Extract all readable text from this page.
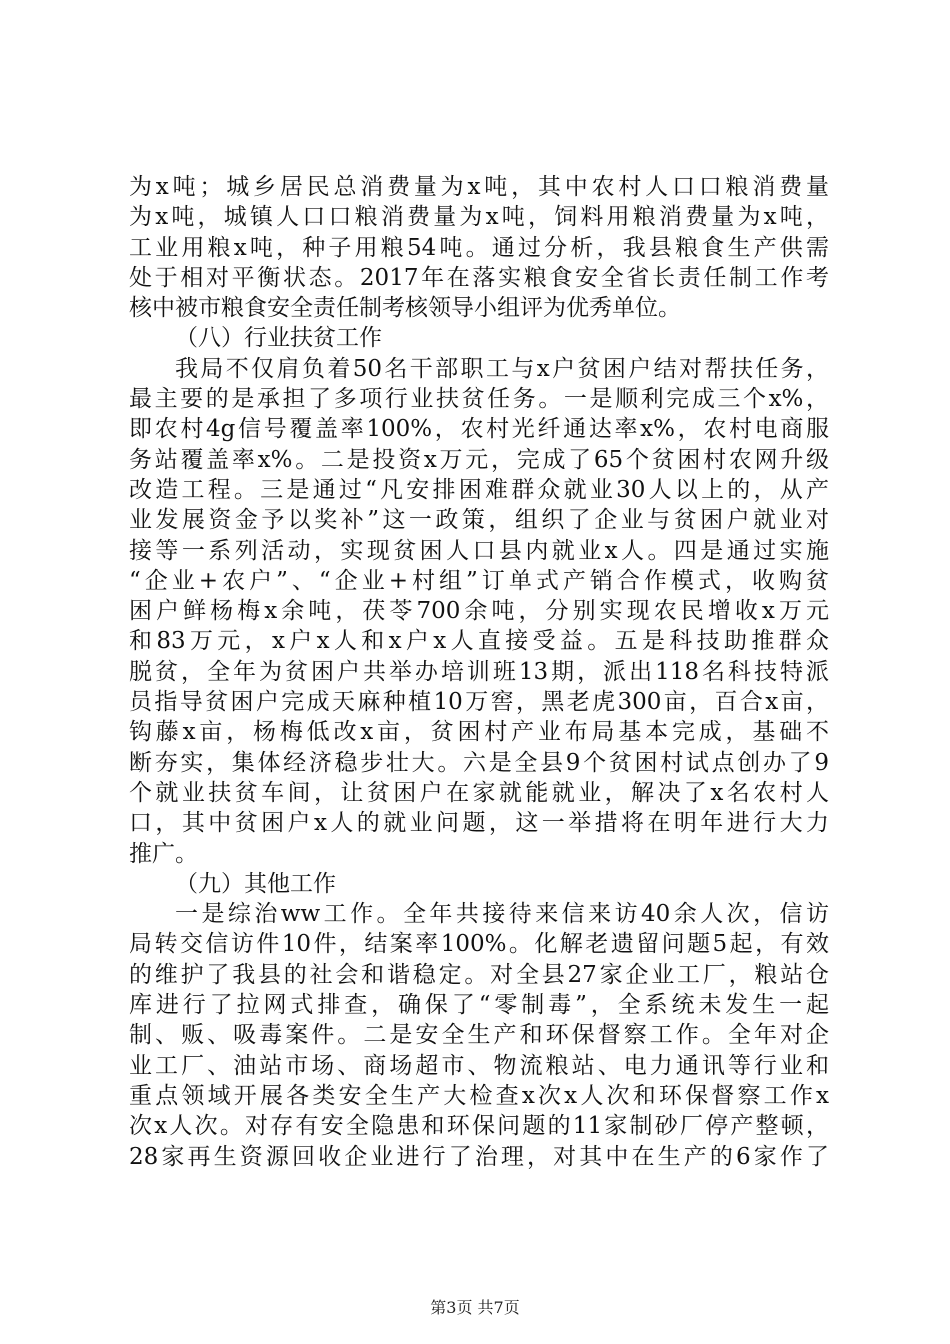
为x吨；城乡居民总消费量为x吨，其中农村人口口粮消费量
为x吨，城镇人口口粮消费量为x吨，饲料用粮消费量为x吨，
工业用粮x吨，种子用粮54吨。通过分析，我县粮食生产供需
处于相对平衡状态。2017年在落实粮食安全省长责任制工作考
核中被市粮食安全责任制考核领导小组评为优秀单位。
（八）行业扶贫工作
我局不仅肩负着50名干部职工与x户贫困户结对帮扶任务，
最主要的是承担了多项行业扶贫任务。一是顺利完成三个x%，
即农村4g信号覆盖率100%，农村光纤通达率x%，农村电商服
务站覆盖率x%。二是投资x万元，完成了65个贫困村农网升级
改造工程。三是通过“凡安排困难群众就业30人以上的，从产
业发展资金予以奖补”这一政策，组织了企业与贫困户就业对
接等一系列活动，实现贫困人口县内就业x人。四是通过实施
“企业+农户”、“企业+村组”订单式产销合作模式，收购贫
困户鲜杨梅x余吨，茯苓700余吨，分别实现农民增收x万元
和83万元，x户x人和x户x人直接受益。五是科技助推群众
脱贫，全年为贫困户共举办培训班13期，派出118名科技特派
员指导贫困户完成天麻种植10万窖，黑老虎300亩，百合x亩，
钩藤x亩，杨梅低改x亩，贫困村产业布局基本完成，基础不
断夯实，集体经济稳步壮大。六是全县9个贫困村试点创办了9
个就业扶贫车间，让贫困户在家就能就业，解决了x名农村人
口，其中贫困户x人的就业问题，这一举措将在明年进行大力
推广。
（九）其他工作
一是综治ww工作。全年共接待来信来访40余人次，信访
局转交信访件10件，结案率100%。化解老遗留问题5起，有效
的维护了我县的社会和谐稳定。对全县27家企业工厂，粮站仓
库进行了拉网式排查，确保了“零制毒”，全系统未发生一起
制、贩、吸毒案件。二是安全生产和环保督察工作。全年对企
业工厂、油站市场、商场超市、物流粮站、电力通讯等行业和
重点领域开展各类安全生产大检查x次x人次和环保督察工作x
次x人次。对存有安全隐患和环保问题的11家制砂厂停产整顿，
28家再生资源回收企业进行了治理，对其中在生产的6家作了
第3页 共7页
